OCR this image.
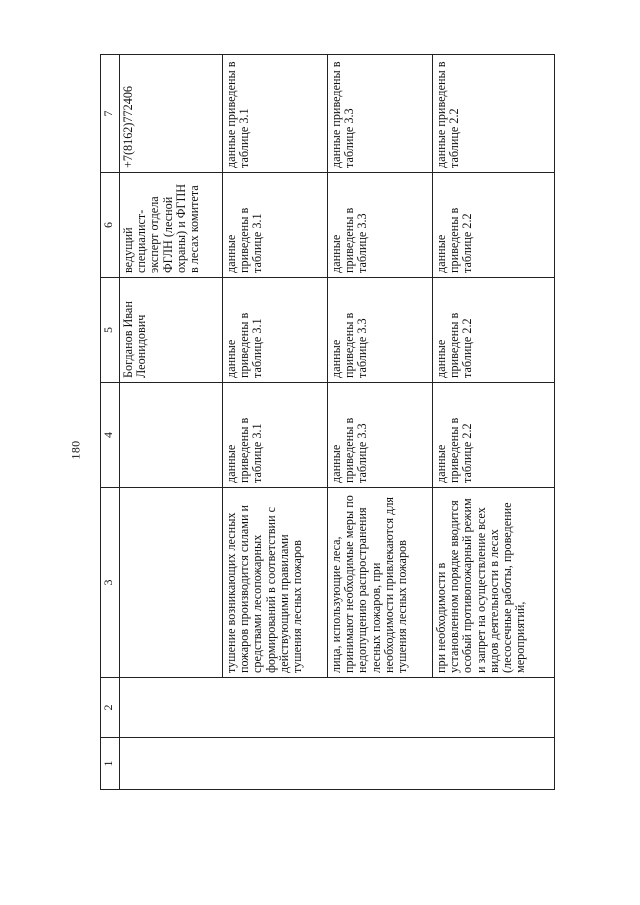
180
1	2	3	4	5	6	7
				Богданов Иван Леонидович	ведущий специалист-эксперт отдела ФГЛН (лесной охраны) и ФГПН в лесах комитета	+7(8162)772406
		тушение возникающих лесных пожаров производится силами и средствами лесопожарных формирований в соответствии с действующими правилами тушения лесных пожаров	данные приведены в таблице 3.1	данные приведены в таблице 3.1	данные приведены в таблице 3.1	данные приведены в таблице 3.1
		лица, использующие леса, принимают необходимые меры по недопущению распространения лесных пожаров, при необходимости привлекаются для тушения лесных пожаров	данные приведены в таблице 3.3	данные приведены в таблице 3.3	данные приведены в таблице 3.3	данные приведены в таблице 3.3
		при необходимости в установленном порядке вводится особый противопожарный режим и запрет на осуществление всех видов деятельности в лесах (лесосечные работы, проведение мероприятий,	данные приведены в таблице 2.2	данные приведены в таблице 2.2	данные приведены в таблице 2.2	данные приведены в таблице 2.2
